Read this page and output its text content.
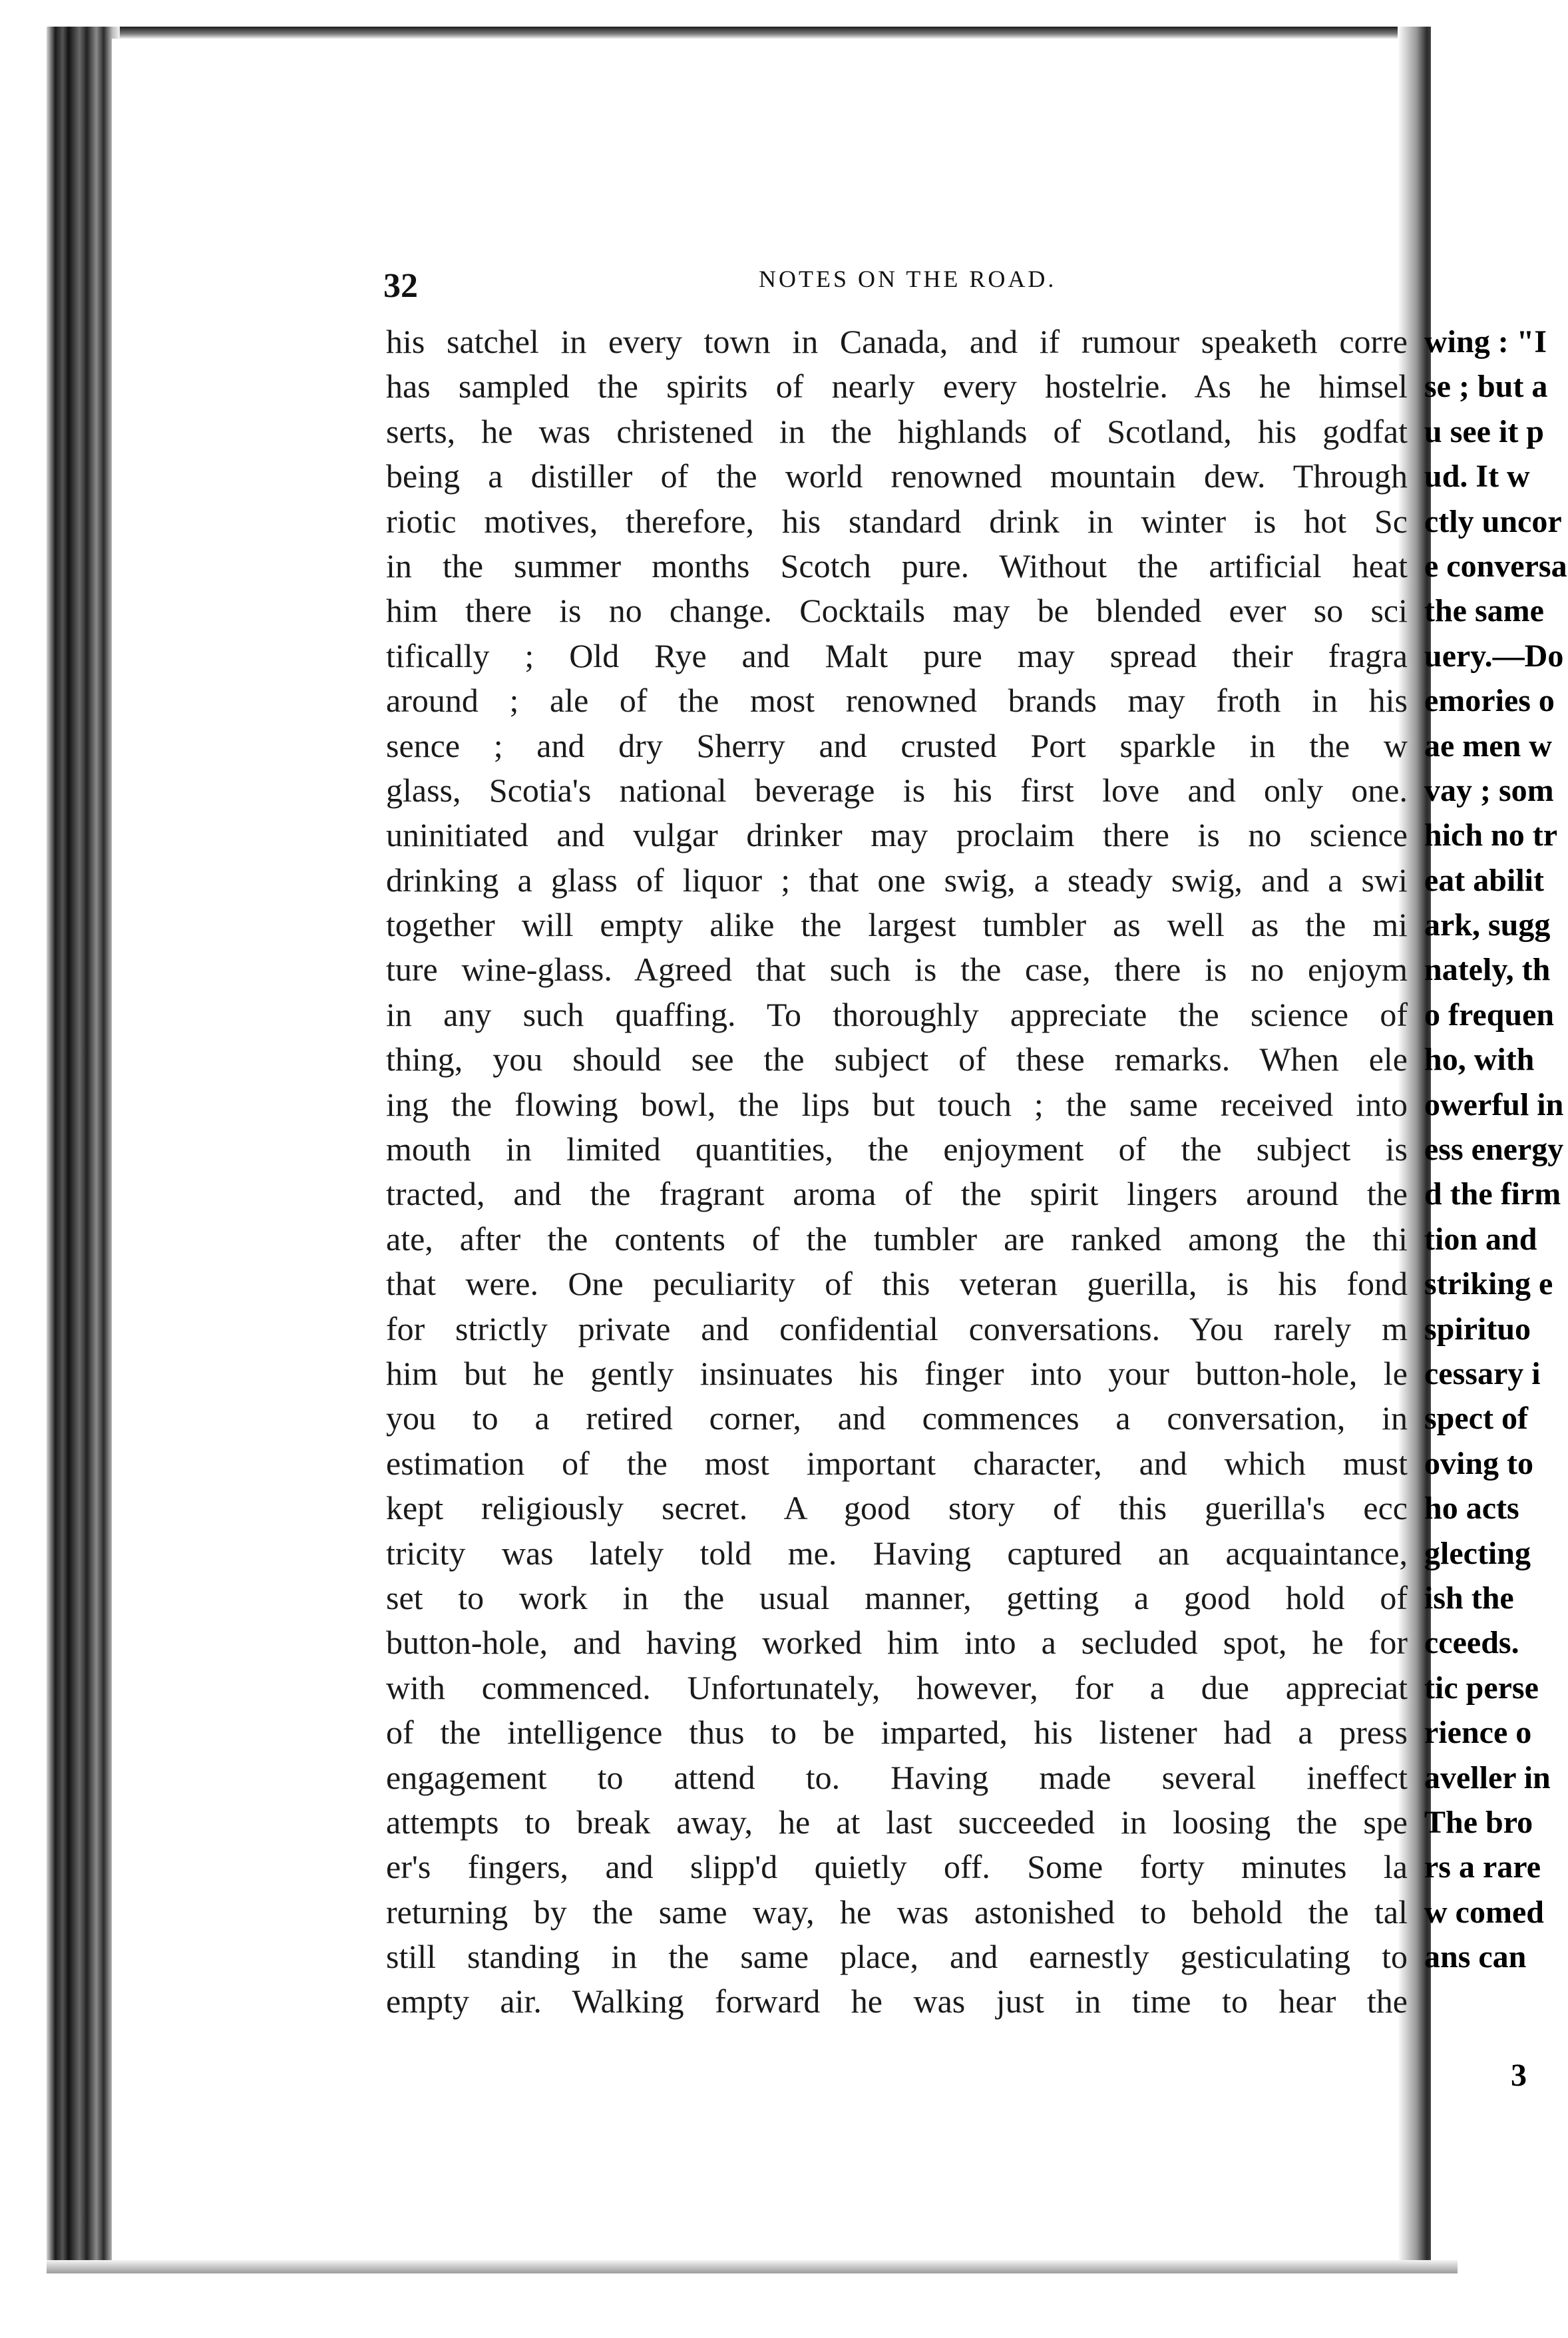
32	NOTES ON THE ROAD.
his satchel in every town in Canada, and if rumour speaketh corre
has sampled the spirits of nearly every hostelrie. As he himsel
serts, he was christened in the highlands of Scotland, his godfat
being a distiller of the world renowned mountain dew. Through
riotic motives, therefore, his standard drink in winter is hot Sc
in the summer months Scotch pure. Without the artificial heat
him there is no change. Cocktails may be blended ever so sci
tifically ; Old Rye and Malt pure may spread their fragra
around ; ale of the most renowned brands may froth in his
sence ; and dry Sherry and crusted Port sparkle in the w
glass, Scotia's national beverage is his first love and only one.
uninitiated and vulgar drinker may proclaim there is no science
drinking a glass of liquor ; that one swig, a steady swig, and a swi
together will empty alike the largest tumbler as well as the mi
ture wine-glass. Agreed that such is the case, there is no enjoym
in any such quaffing. To thoroughly appreciate the science of
thing, you should see the subject of these remarks. When ele
ing the flowing bowl, the lips but touch ; the same received into
mouth in limited quantities, the enjoyment of the subject is
tracted, and the fragrant aroma of the spirit lingers around the
ate, after the contents of the tumbler are ranked among the thi
that were. One peculiarity of this veteran guerilla, is his fond
for strictly private and confidential conversations. You rarely m
him but he gently insinuates his finger into your button-hole, le
you to a retired corner, and commences a conversation, in
estimation of the most important character, and which must
kept religiously secret. A good story of this guerilla's ecc
tricity was lately told me. Having captured an acquaintance,
set to work in the usual manner, getting a good hold of
button-hole, and having worked him into a secluded spot, he for
with commenced. Unfortunately, however, for a due appreciat
of the intelligence thus to be imparted, his listener had a press
engagement to attend to. Having made several ineffect
attempts to break away, he at last succeeded in loosing the spe
er's fingers, and slipp'd quietly off. Some forty minutes la
returning by the same way, he was astonished to behold the tal
still standing in the same place, and earnestly gesticulating to
empty air. Walking forward he was just in time to hear the
wing : "I
se ; but a
u see it p
ud. It w
ctly uncor
e conversa
the same
uery.—Do
emories o
ae men w
vay ; som
hich no tr
eat abilit
ark, sugg
nately, th
o frequen
ho, with
owerful in
ess energy
d the firm
tion and
striking e
spirituo
cessary i
spect of
oving to
ho acts
glecting
ish the
cceeds.
tic perse
rience o
aveller in
The bro
rs a rare
w comed
ans can
3
